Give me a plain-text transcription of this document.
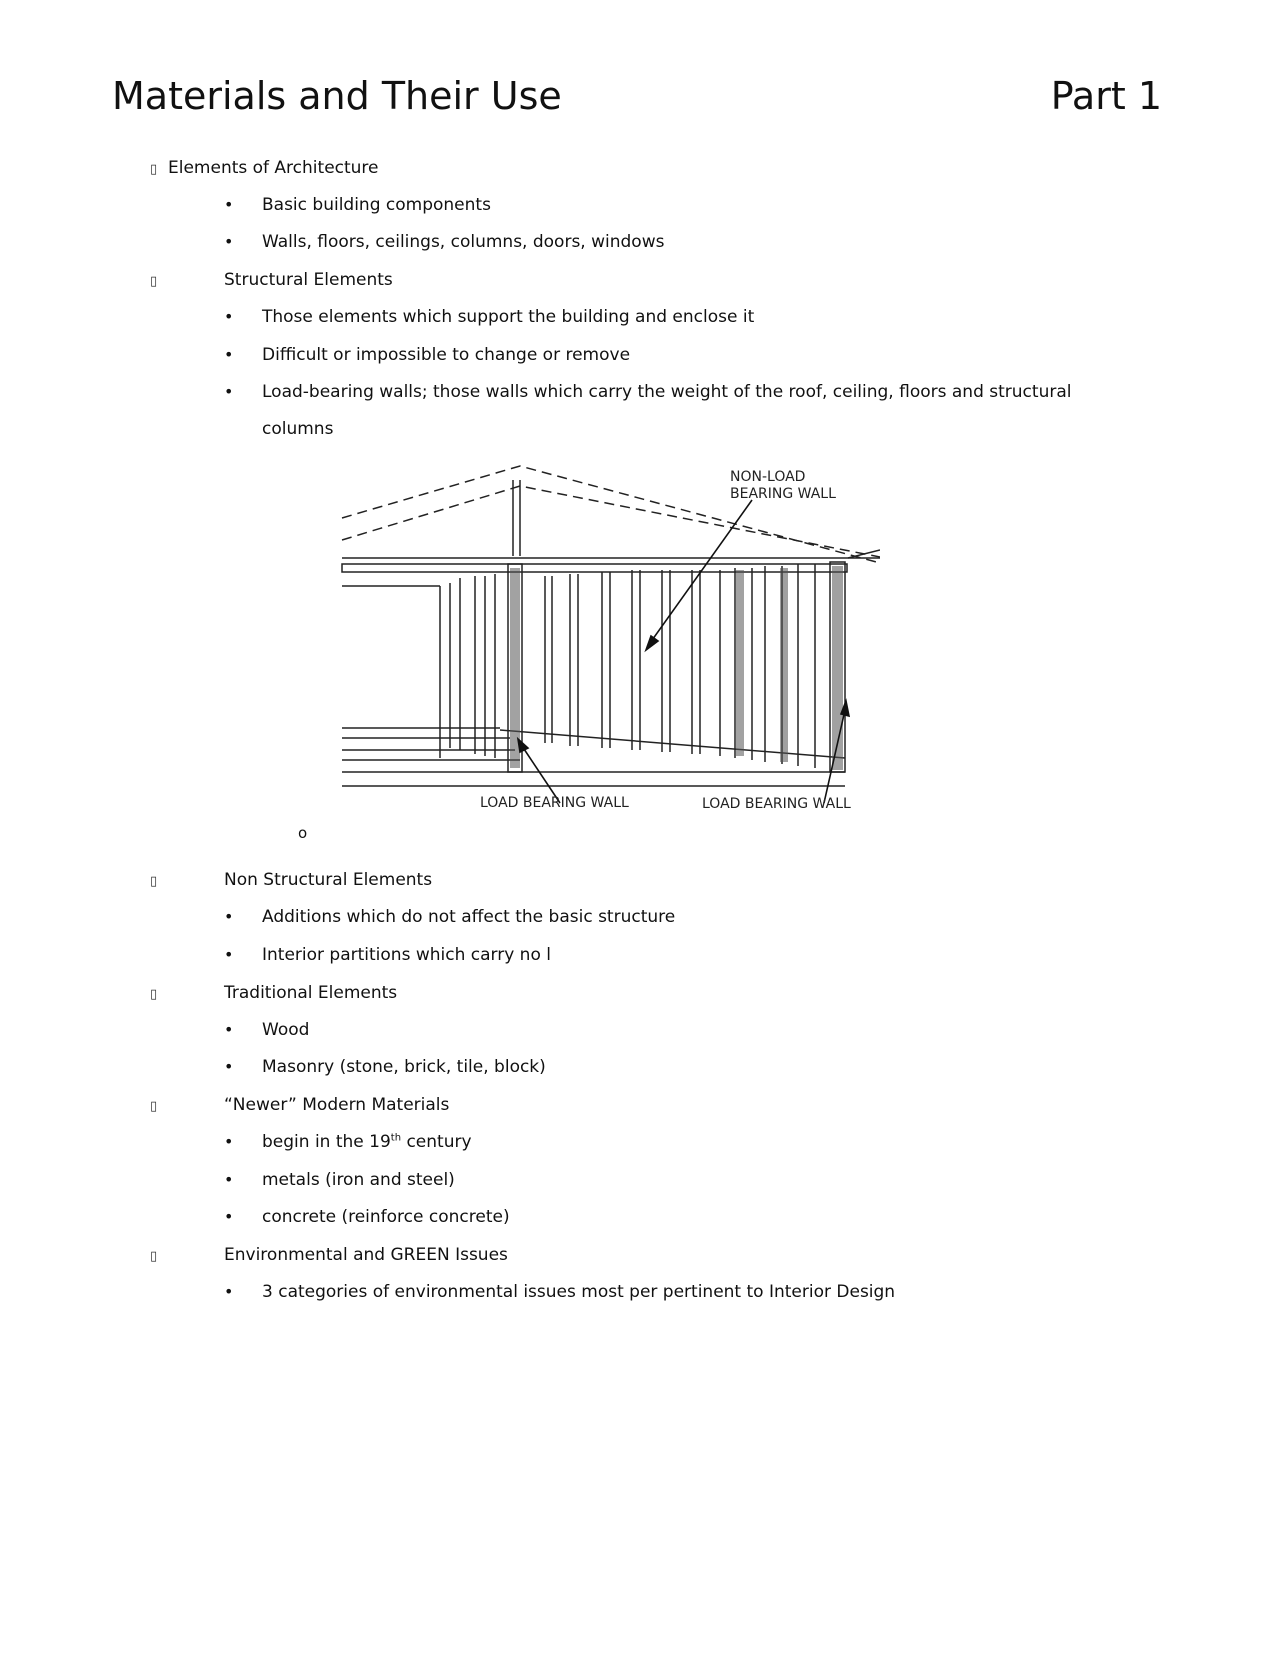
Materials and Their Use	Part 1
▯ Elements of Architecture
• Basic building components
• Walls, floors, ceilings, columns, doors, windows
▯	Structural Elements
• Those elements which support the building and enclose it
• Difficult or impossible to change or remove
• Load-bearing walls; those walls which carry the weight of the roof, ceiling, floors and structural
columns
NON-LOAD
BEARING WALL
LOAD BEARING WALL	LOAD BEARING WALL
o
▯	Non Structural Elements
• Additions which do not affect the basic structure
• Interior partitions which carry no l
▯	Traditional Elements
• Wood
• Masonry (stone, brick, tile, block)
▯	“Newer” Modern Materials
• begin in the 19th century
• metals (iron and steel)
• concrete (reinforce concrete)
▯	Environmental and GREEN Issues
• 3 categories of environmental issues most per pertinent to Interior Design
